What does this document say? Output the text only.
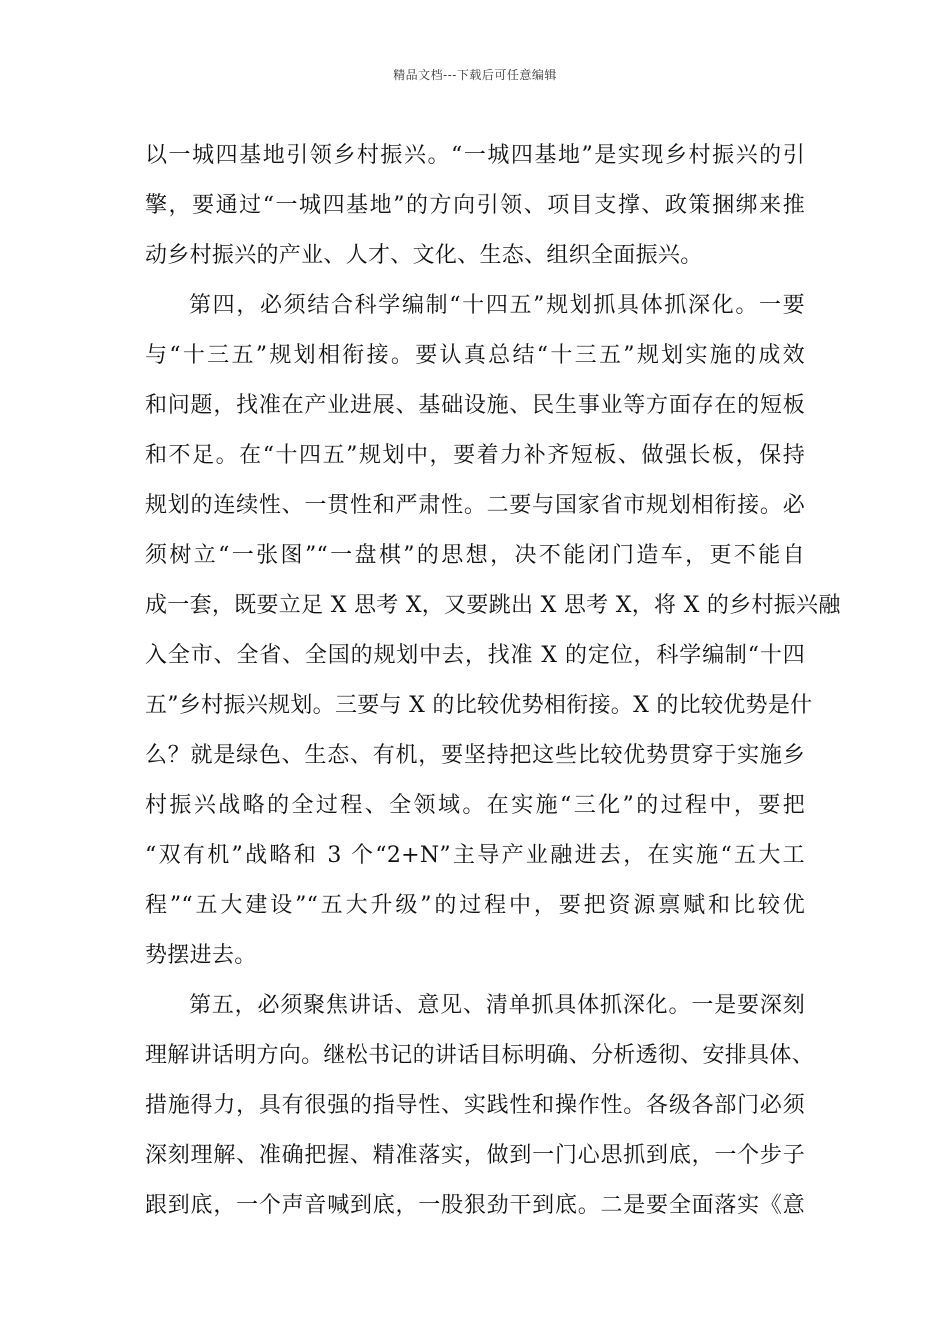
精品文档---下载后可任意编辑
以一城四基地引领乡村振兴。“一城四基地”是实现乡村振兴的引
擎，要通过“一城四基地”的方向引领、项目支撑、政策捆绑来推
动乡村振兴的产业、人才、文化、生态、组织全面振兴。
第四，必须结合科学编制“十四五”规划抓具体抓深化。一要
与“十三五”规划相衔接。要认真总结“十三五”规划实施的成效
和问题，找准在产业进展、基础设施、民生事业等方面存在的短板
和不足。在“十四五”规划中，要着力补齐短板、做强长板，保持
规划的连续性、一贯性和严肃性。二要与国家省市规划相衔接。必
须树立“一张图”“一盘棋”的思想，决不能闭门造车，更不能自
成一套，既要立足 X 思考 X，又要跳出 X 思考 X，将 X 的乡村振兴融
入全市、全省、全国的规划中去，找准 X 的定位，科学编制“十四
五”乡村振兴规划。三要与 X 的比较优势相衔接。X 的比较优势是什
么？就是绿色、生态、有机，要坚持把这些比较优势贯穿于实施乡
村振兴战略的全过程、全领域。在实施“三化”的过程中，要把
“双有机”战略和 3 个“2+N”主导产业融进去，在实施“五大工
程”“五大建设”“五大升级”的过程中，要把资源禀赋和比较优
势摆进去。
第五，必须聚焦讲话、意见、清单抓具体抓深化。一是要深刻
理解讲话明方向。继松书记的讲话目标明确、分析透彻、安排具体、
措施得力，具有很强的指导性、实践性和操作性。各级各部门必须
深刻理解、准确把握、精准落实，做到一门心思抓到底，一个步子
跟到底，一个声音喊到底，一股狠劲干到底。二是要全面落实《意
